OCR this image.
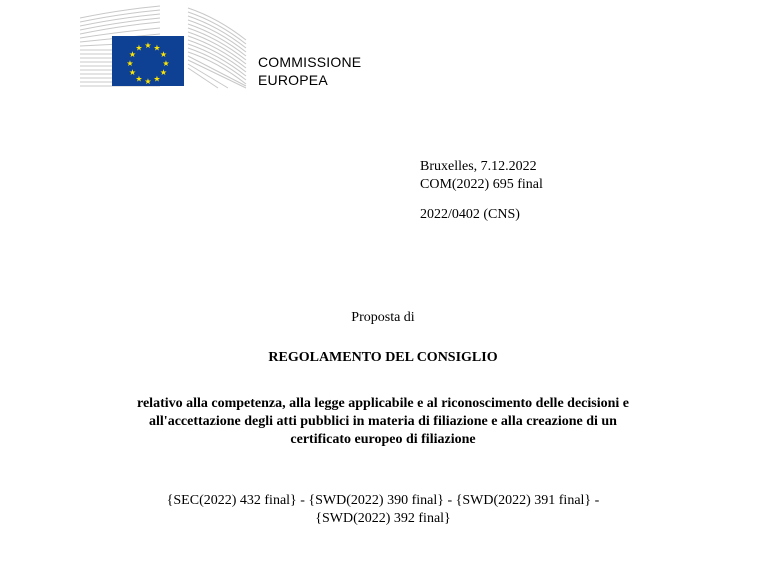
★ ★
★
★
★
★
★
★
★
★
★
★
COMMISSIONE
EUROPEA
Bruxelles, 7.12.2022
COM(2022) 695 final
2022/0402 (CNS)
Proposta di
REGOLAMENTO DEL CONSIGLIO
relativo alla competenza, alla legge applicabile e al riconoscimento delle decisioni e
all'accettazione degli atti pubblici in materia di filiazione e alla creazione di un
certificato europeo di filiazione
{SEC(2022) 432 final} - {SWD(2022) 390 final} - {SWD(2022) 391 final} -
{SWD(2022) 392 final}
